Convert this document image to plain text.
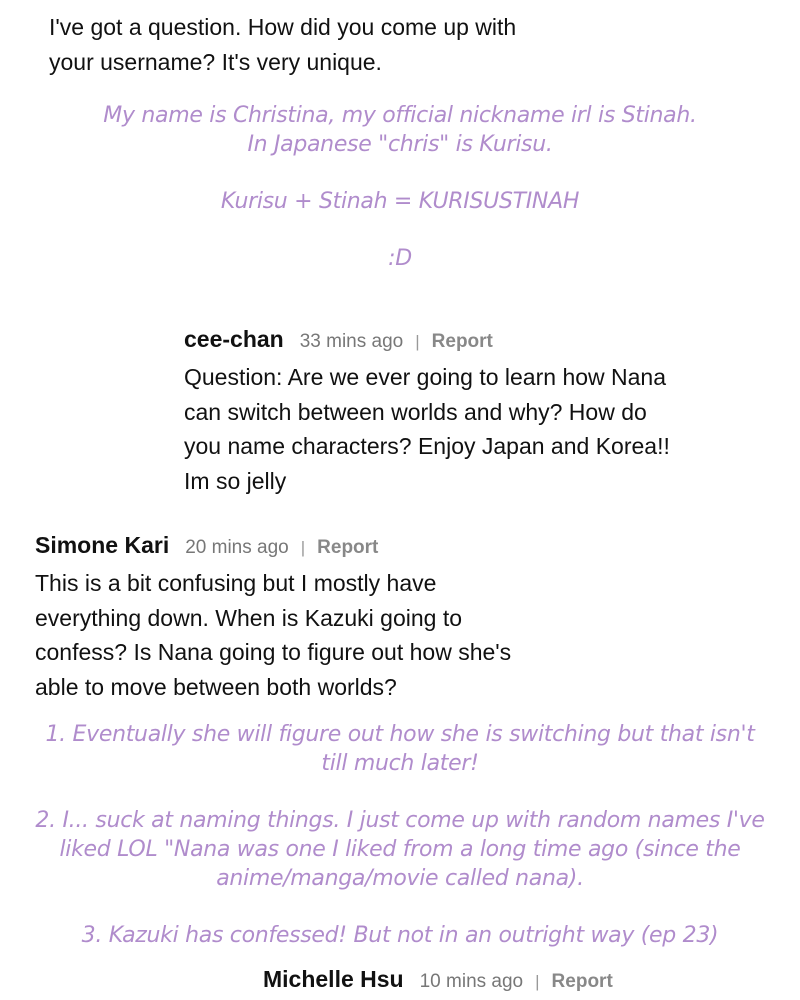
I've got a question. How did you come up with
your username? It's very unique.

My name is Christina, my official nickname irl is Stinah.

In Japanese "chris" is Kurisu.

Kurisu + Stinah = KURISUSTINAH

:D

cee-chan 33 mins ago | Report
Question: Are we ever going to learn how Nana
can switch between worlds and why? How do
you name characters? Enjoy Japan and Korea!!
Im so jelly
Simone Kari 20 mins ago | Report
This is a bit confusing but I mostly have
everything down. When is Kazuki going to
confess? Is Nana going to figure out how she's
able to move between both worlds?

1. Eventually she will figure out how she is switching but that isn't

till much later!

2. I... suck at naming things. I just come up with random names I've

liked LOL "Nana was one I liked from a long time ago (since the

anime/manga/movie called nana).

3. Kazuki has confessed! But not in an outright way (ep 23)

Michelle Hsu 10 mins ago | Report
